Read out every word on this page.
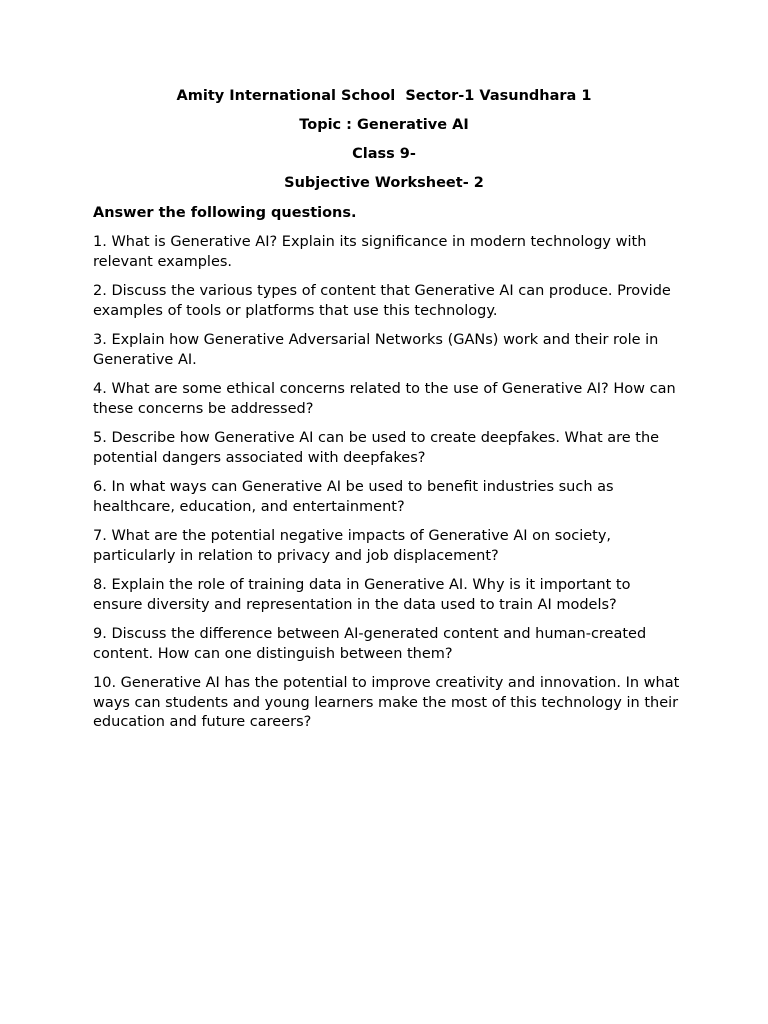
Amity International School  Sector-1 Vasundhara 1
Topic : Generative AI
Class 9-
Subjective Worksheet- 2
Answer the following questions.
1. What is Generative AI? Explain its significance in modern technology with relevant examples.
2. Discuss the various types of content that Generative AI can produce. Provide examples of tools or platforms that use this technology.
3. Explain how Generative Adversarial Networks (GANs) work and their role in Generative AI.
4. What are some ethical concerns related to the use of Generative AI? How can these concerns be addressed?
5. Describe how Generative AI can be used to create deepfakes. What are the potential dangers associated with deepfakes?
6. In what ways can Generative AI be used to benefit industries such as healthcare, education, and entertainment?
7. What are the potential negative impacts of Generative AI on society, particularly in relation to privacy and job displacement?
8. Explain the role of training data in Generative AI. Why is it important to ensure diversity and representation in the data used to train AI models?
9. Discuss the difference between AI-generated content and human-created content. How can one distinguish between them?
10. Generative AI has the potential to improve creativity and innovation. In what ways can students and young learners make the most of this technology in their education and future careers?
